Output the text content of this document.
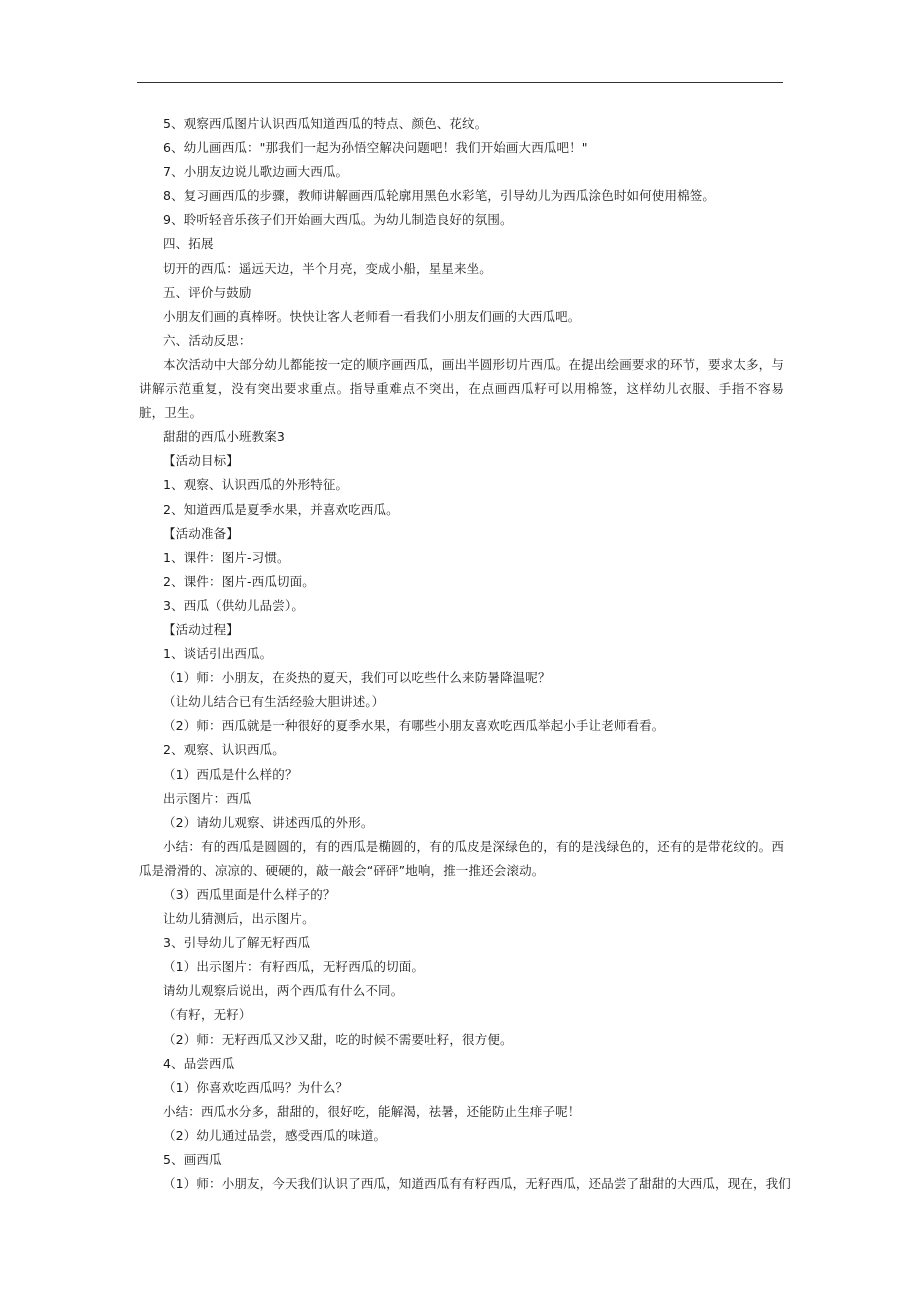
5、观察西瓜图片认识西瓜知道西瓜的特点、颜色、花纹。
6、幼儿画西瓜："那我们一起为孙悟空解决问题吧！我们开始画大西瓜吧！"
7、小朋友边说儿歌边画大西瓜。
8、复习画西瓜的步骤，教师讲解画西瓜轮廓用黑色水彩笔，引导幼儿为西瓜涂色时如何使用棉签。
9、聆听轻音乐孩子们开始画大西瓜。为幼儿制造良好的氛围。
四、拓展
切开的西瓜：遥远天边，半个月亮，变成小船，星星来坐。
五、评价与鼓励
小朋友们画的真棒呀。快快让客人老师看一看我们小朋友们画的大西瓜吧。
六、活动反思：
本次活动中大部分幼儿都能按一定的顺序画西瓜，画出半圆形切片西瓜。在提出绘画要求的环节，要求太多，与讲解示范重复，没有突出要求重点。指导重难点不突出，在点画西瓜籽可以用棉签，这样幼儿衣服、手指不容易脏，卫生。
甜甜的西瓜小班教案3
【活动目标】
1、观察、认识西瓜的外形特征。
2、知道西瓜是夏季水果，并喜欢吃西瓜。
【活动准备】
1、课件：图片-习惯。
2、课件：图片-西瓜切面。
3、西瓜（供幼儿品尝）。
【活动过程】
1、谈话引出西瓜。
（1）师：小朋友，在炎热的夏天，我们可以吃些什么来防暑降温呢？
（让幼儿结合已有生活经验大胆讲述。）
（2）师：西瓜就是一种很好的夏季水果，有哪些小朋友喜欢吃西瓜举起小手让老师看看。
2、观察、认识西瓜。
（1）西瓜是什么样的？
出示图片：西瓜
（2）请幼儿观察、讲述西瓜的外形。
小结：有的西瓜是圆圆的，有的西瓜是椭圆的，有的瓜皮是深绿色的，有的是浅绿色的，还有的是带花纹的。西瓜是滑滑的、凉凉的、硬硬的，敲一敲会“砰砰”地响，推一推还会滚动。
（3）西瓜里面是什么样子的？
让幼儿猜测后，出示图片。
3、引导幼儿了解无籽西瓜
（1）出示图片：有籽西瓜，无籽西瓜的切面。
请幼儿观察后说出，两个西瓜有什么不同。
（有籽，无籽）
（2）师：无籽西瓜又沙又甜，吃的时候不需要吐籽，很方便。
4、品尝西瓜
（1）你喜欢吃西瓜吗？为什么？
小结：西瓜水分多，甜甜的，很好吃，能解渴，祛暑，还能防止生痱子呢！
（2）幼儿通过品尝，感受西瓜的味道。
5、画西瓜
（1）师：小朋友，今天我们认识了西瓜，知道西瓜有有籽西瓜，无籽西瓜，还品尝了甜甜的大西瓜，现在，我们
